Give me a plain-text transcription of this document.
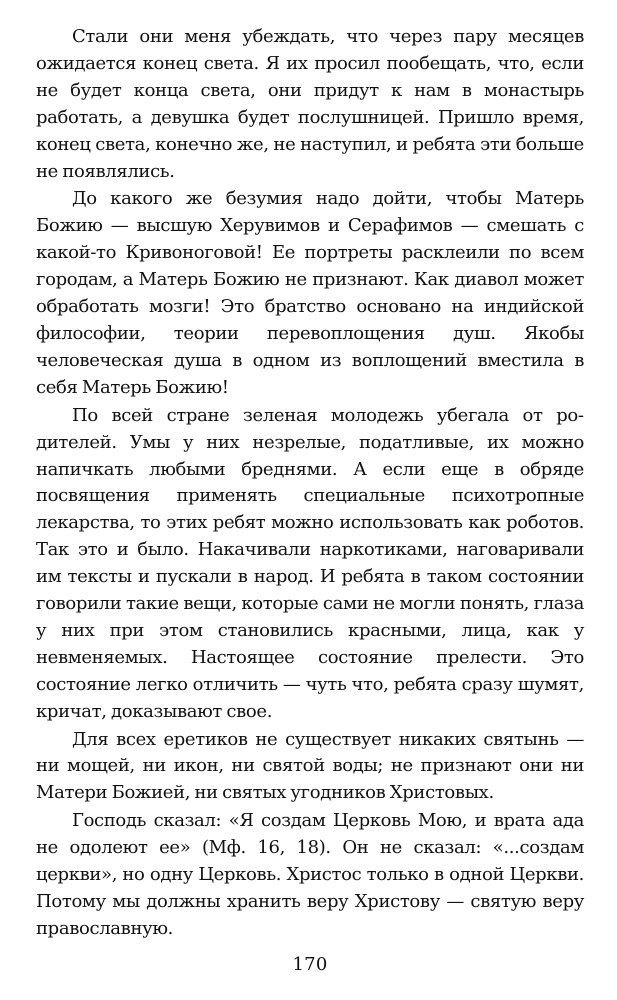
Стали они меня убеждать, что через пару месяцев ожидается конец света. Я их просил пообещать, что, если не будет конца света, они придут к нам в монастырь работать, а девушка будет послушницей. Пришло время, конец света, конечно же, не наступил, и ребята эти больше не появлялись.

До какого же безумия надо дойти, чтобы Матерь Божию — высшую Херувимов и Серафимов — смешать с какой-то Кривоноговой! Ее портреты расклеили по всем городам, а Матерь Божию не признают. Как диавол может обработать мозги! Это братство основано на индийской философии, теории перевоплощения душ. Якобы человеческая душа в одном из воплощений вместила в себя Матерь Божию!

По всей стране зеленая молодежь убегала от родителей. Умы у них незрелые, податливые, их можно напичкать любыми бреднями. А если еще в обряде посвящения применять специальные психотропные лекарства, то этих ребят можно использовать как роботов. Так это и было. Накачивали наркотиками, наговаривали им тексты и пускали в народ. И ребята в таком состоянии говорили такие вещи, которые сами не могли понять, глаза у них при этом становились красными, лица, как у невменяемых. Настоящее состояние прелести. Это состояние легко отличить — чуть что, ребята сразу шумят, кричат, доказывают свое.

Для всех еретиков не существует никаких святынь — ни мощей, ни икон, ни святой воды; не признают они ни Матери Божией, ни святых угодников Христовых.

Господь сказал: «Я создам Церковь Мою, и врата ада не одолеют ее» (Мф. 16, 18). Он не сказал: «...создам церкви», но одну Церковь. Христос только в одной Церкви. Потому мы должны хранить веру Христову — святую веру православную.

170
